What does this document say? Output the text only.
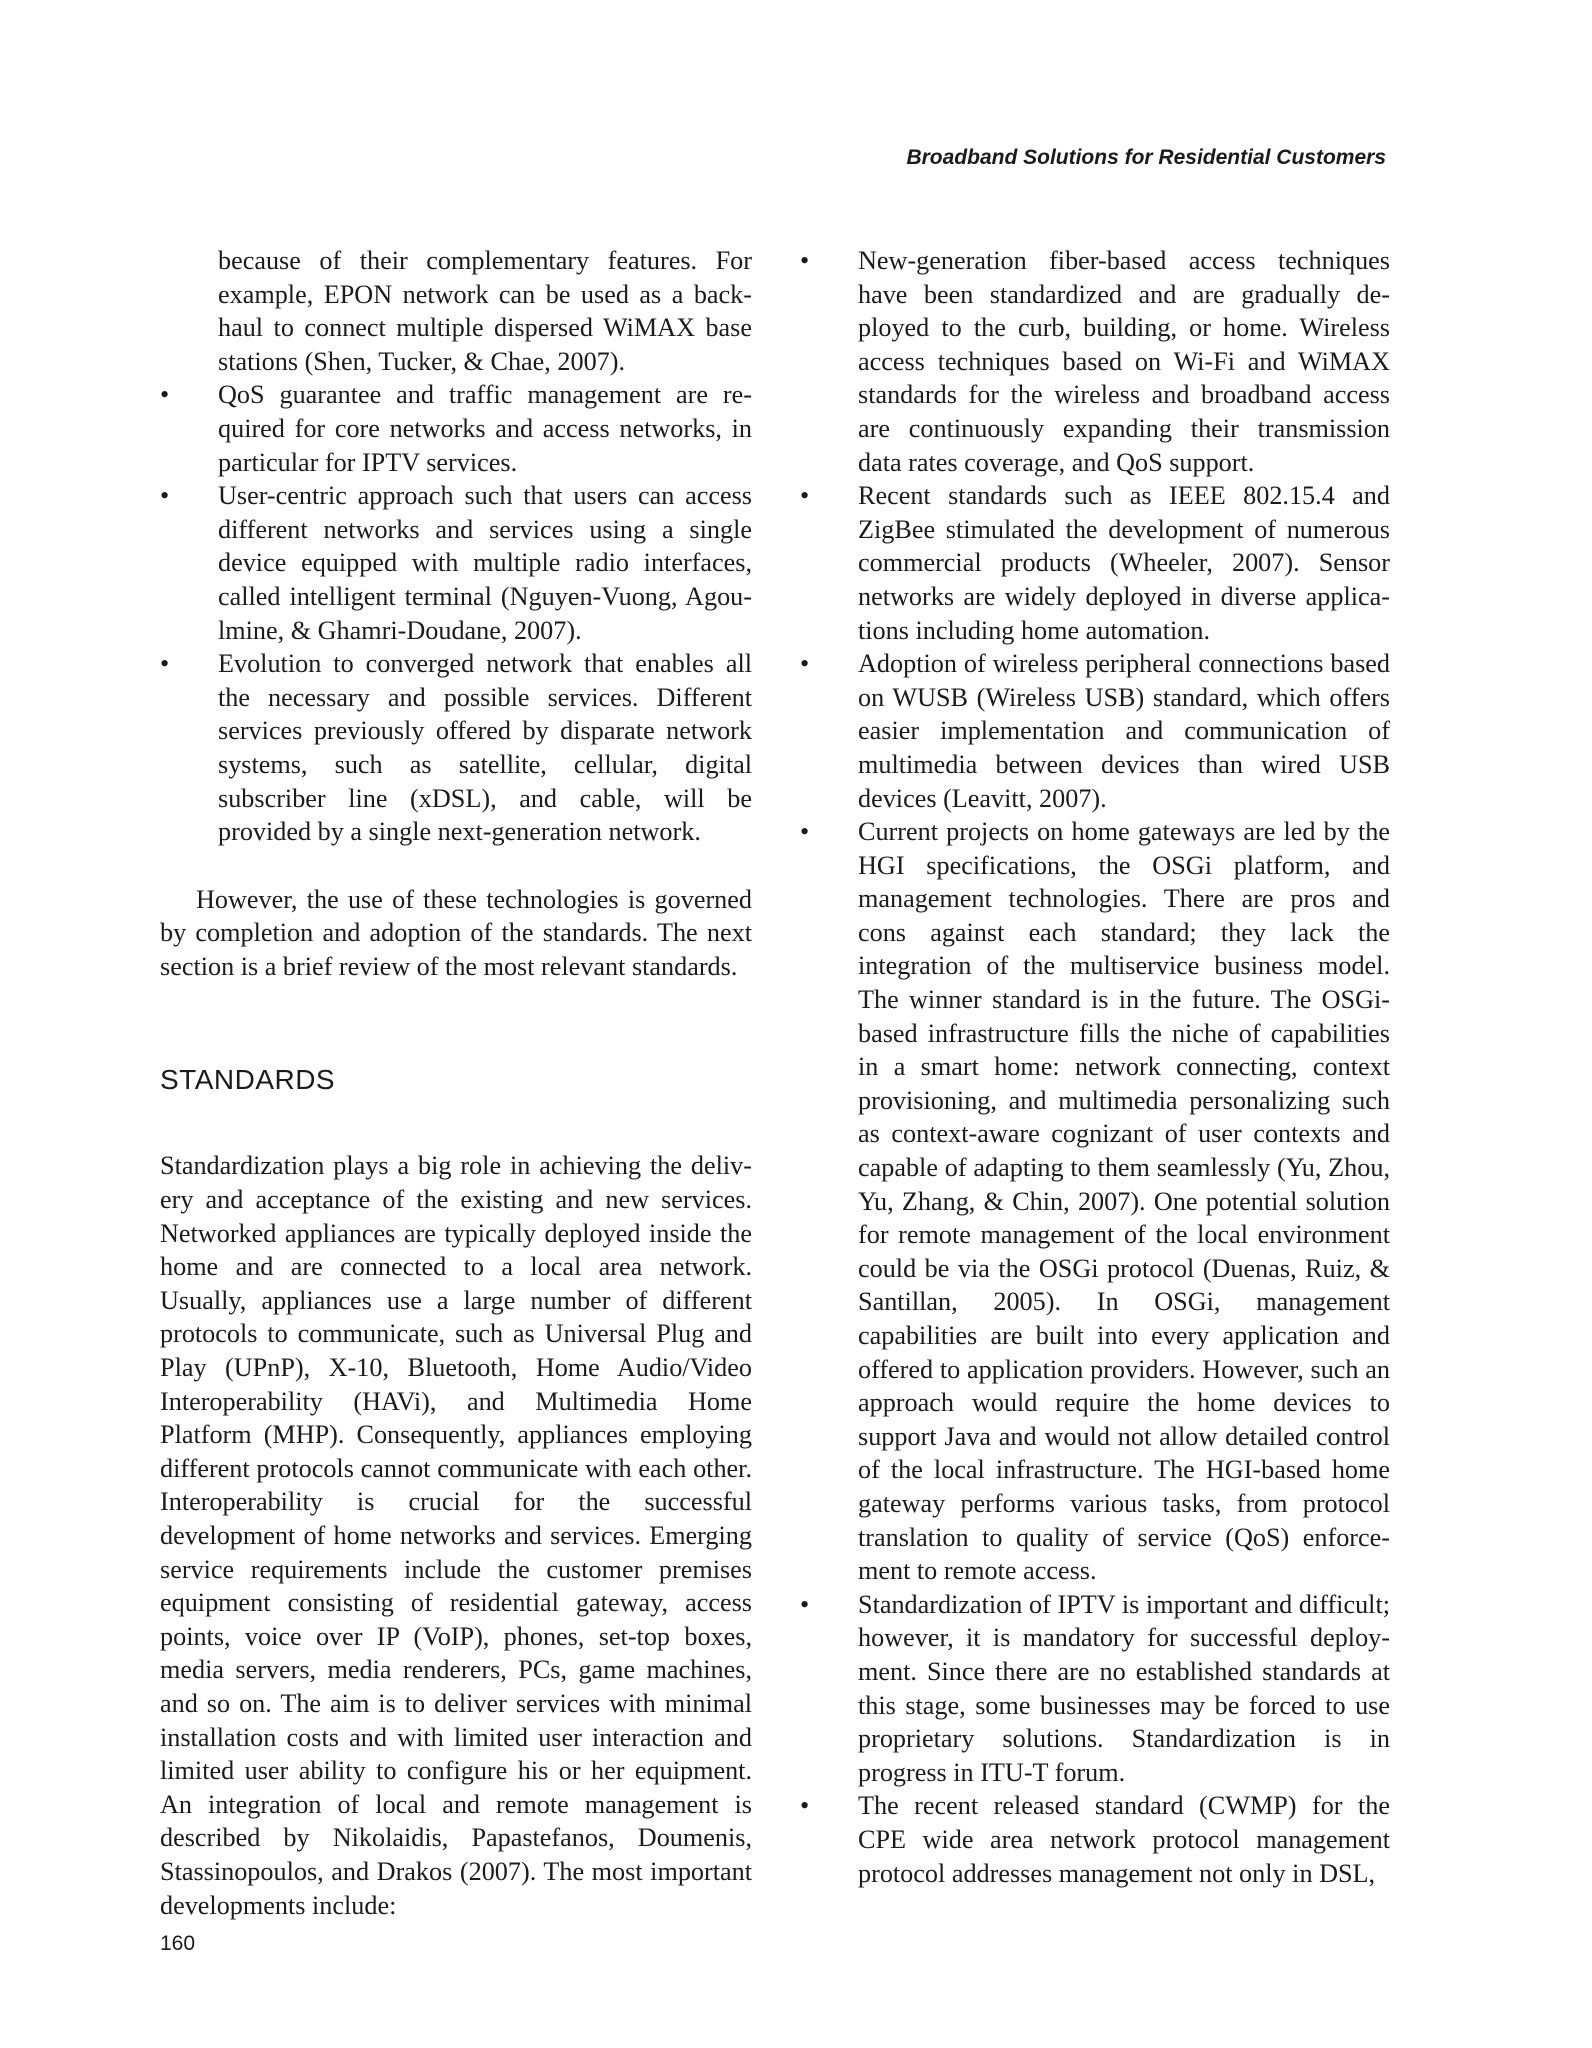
Broadband Solutions for Residential Customers

because of their complementary features. For example, EPON network can be used as a backhaul to connect multiple dispersed WiMAX base stations (Shen, Tucker, & Chae, 2007).

• QoS guarantee and traffic management are required for core networks and access networks, in particular for IPTV services.
• User-centric approach such that users can access different networks and services using a single device equipped with multiple radio interfaces, called intelligent terminal (Nguyen-Vuong, Agoulmine, & Ghamri-Doudane, 2007).
• Evolution to converged network that enables all the necessary and possible services. Different services previously offered by disparate network systems, such as satellite, cellular, digital subscriber line (xDSL), and cable, will be provided by a single next-generation network.

However, the use of these technologies is governed by completion and adoption of the standards. The next section is a brief review of the most relevant standards.

STANDARDS

Standardization plays a big role in achieving the delivery and acceptance of the existing and new services. Networked appliances are typically deployed inside the home and are connected to a local area network. Usually, appliances use a large number of different protocols to communicate, such as Universal Plug and Play (UPnP), X-10, Bluetooth, Home Audio/Video Interoperability (HAVi), and Multimedia Home Platform (MHP). Consequently, appliances employing different protocols cannot communicate with each other. Interoperability is crucial for the successful development of home networks and services. Emerging service requirements include the customer premises equipment consisting of residential gateway, access points, voice over IP (VoIP), phones, set-top boxes, media servers, media renderers, PCs, game machines, and so on. The aim is to deliver services with minimal installation costs and with limited user interaction and limited user ability to configure his or her equipment. An integration of local and remote management is described by Nikolaidis, Papastefanos, Doumenis, Stassinopoulos, and Drakos (2007). The most important developments include:

• New-generation fiber-based access techniques have been standardized and are gradually deployed to the curb, building, or home. Wireless access techniques based on Wi-Fi and WiMAX standards for the wireless and broadband access are continuously expanding their transmission data rates coverage, and QoS support.
• Recent standards such as IEEE 802.15.4 and ZigBee stimulated the development of numerous commercial products (Wheeler, 2007). Sensor networks are widely deployed in diverse applications including home automation.
• Adoption of wireless peripheral connections based on WUSB (Wireless USB) standard, which offers easier implementation and communication of multimedia between devices than wired USB devices (Leavitt, 2007).
• Current projects on home gateways are led by the HGI specifications, the OSGi platform, and management technologies. There are pros and cons against each standard; they lack the integration of the multiservice business model. The winner standard is in the future. The OSGi-based infrastructure fills the niche of capabilities in a smart home: network connecting, context provisioning, and multimedia personalizing such as context-aware cognizant of user contexts and capable of adapting to them seamlessly (Yu, Zhou, Yu, Zhang, & Chin, 2007). One potential solution for remote management of the local environment could be via the OSGi protocol (Duenas, Ruiz, & Santillan, 2005). In OSGi, management capabilities are built into every application and offered to application providers. However, such an approach would require the home devices to support Java and would not allow detailed control of the local infrastructure. The HGI-based home gateway performs various tasks, from protocol translation to quality of service (QoS) enforcement to remote access.
• Standardization of IPTV is important and difficult; however, it is mandatory for successful deployment. Since there are no established standards at this stage, some businesses may be forced to use proprietary solutions. Standardization is in progress in ITU-T forum.
• The recent released standard (CWMP) for the CPE wide area network protocol management protocol addresses management not only in DSL,
160
